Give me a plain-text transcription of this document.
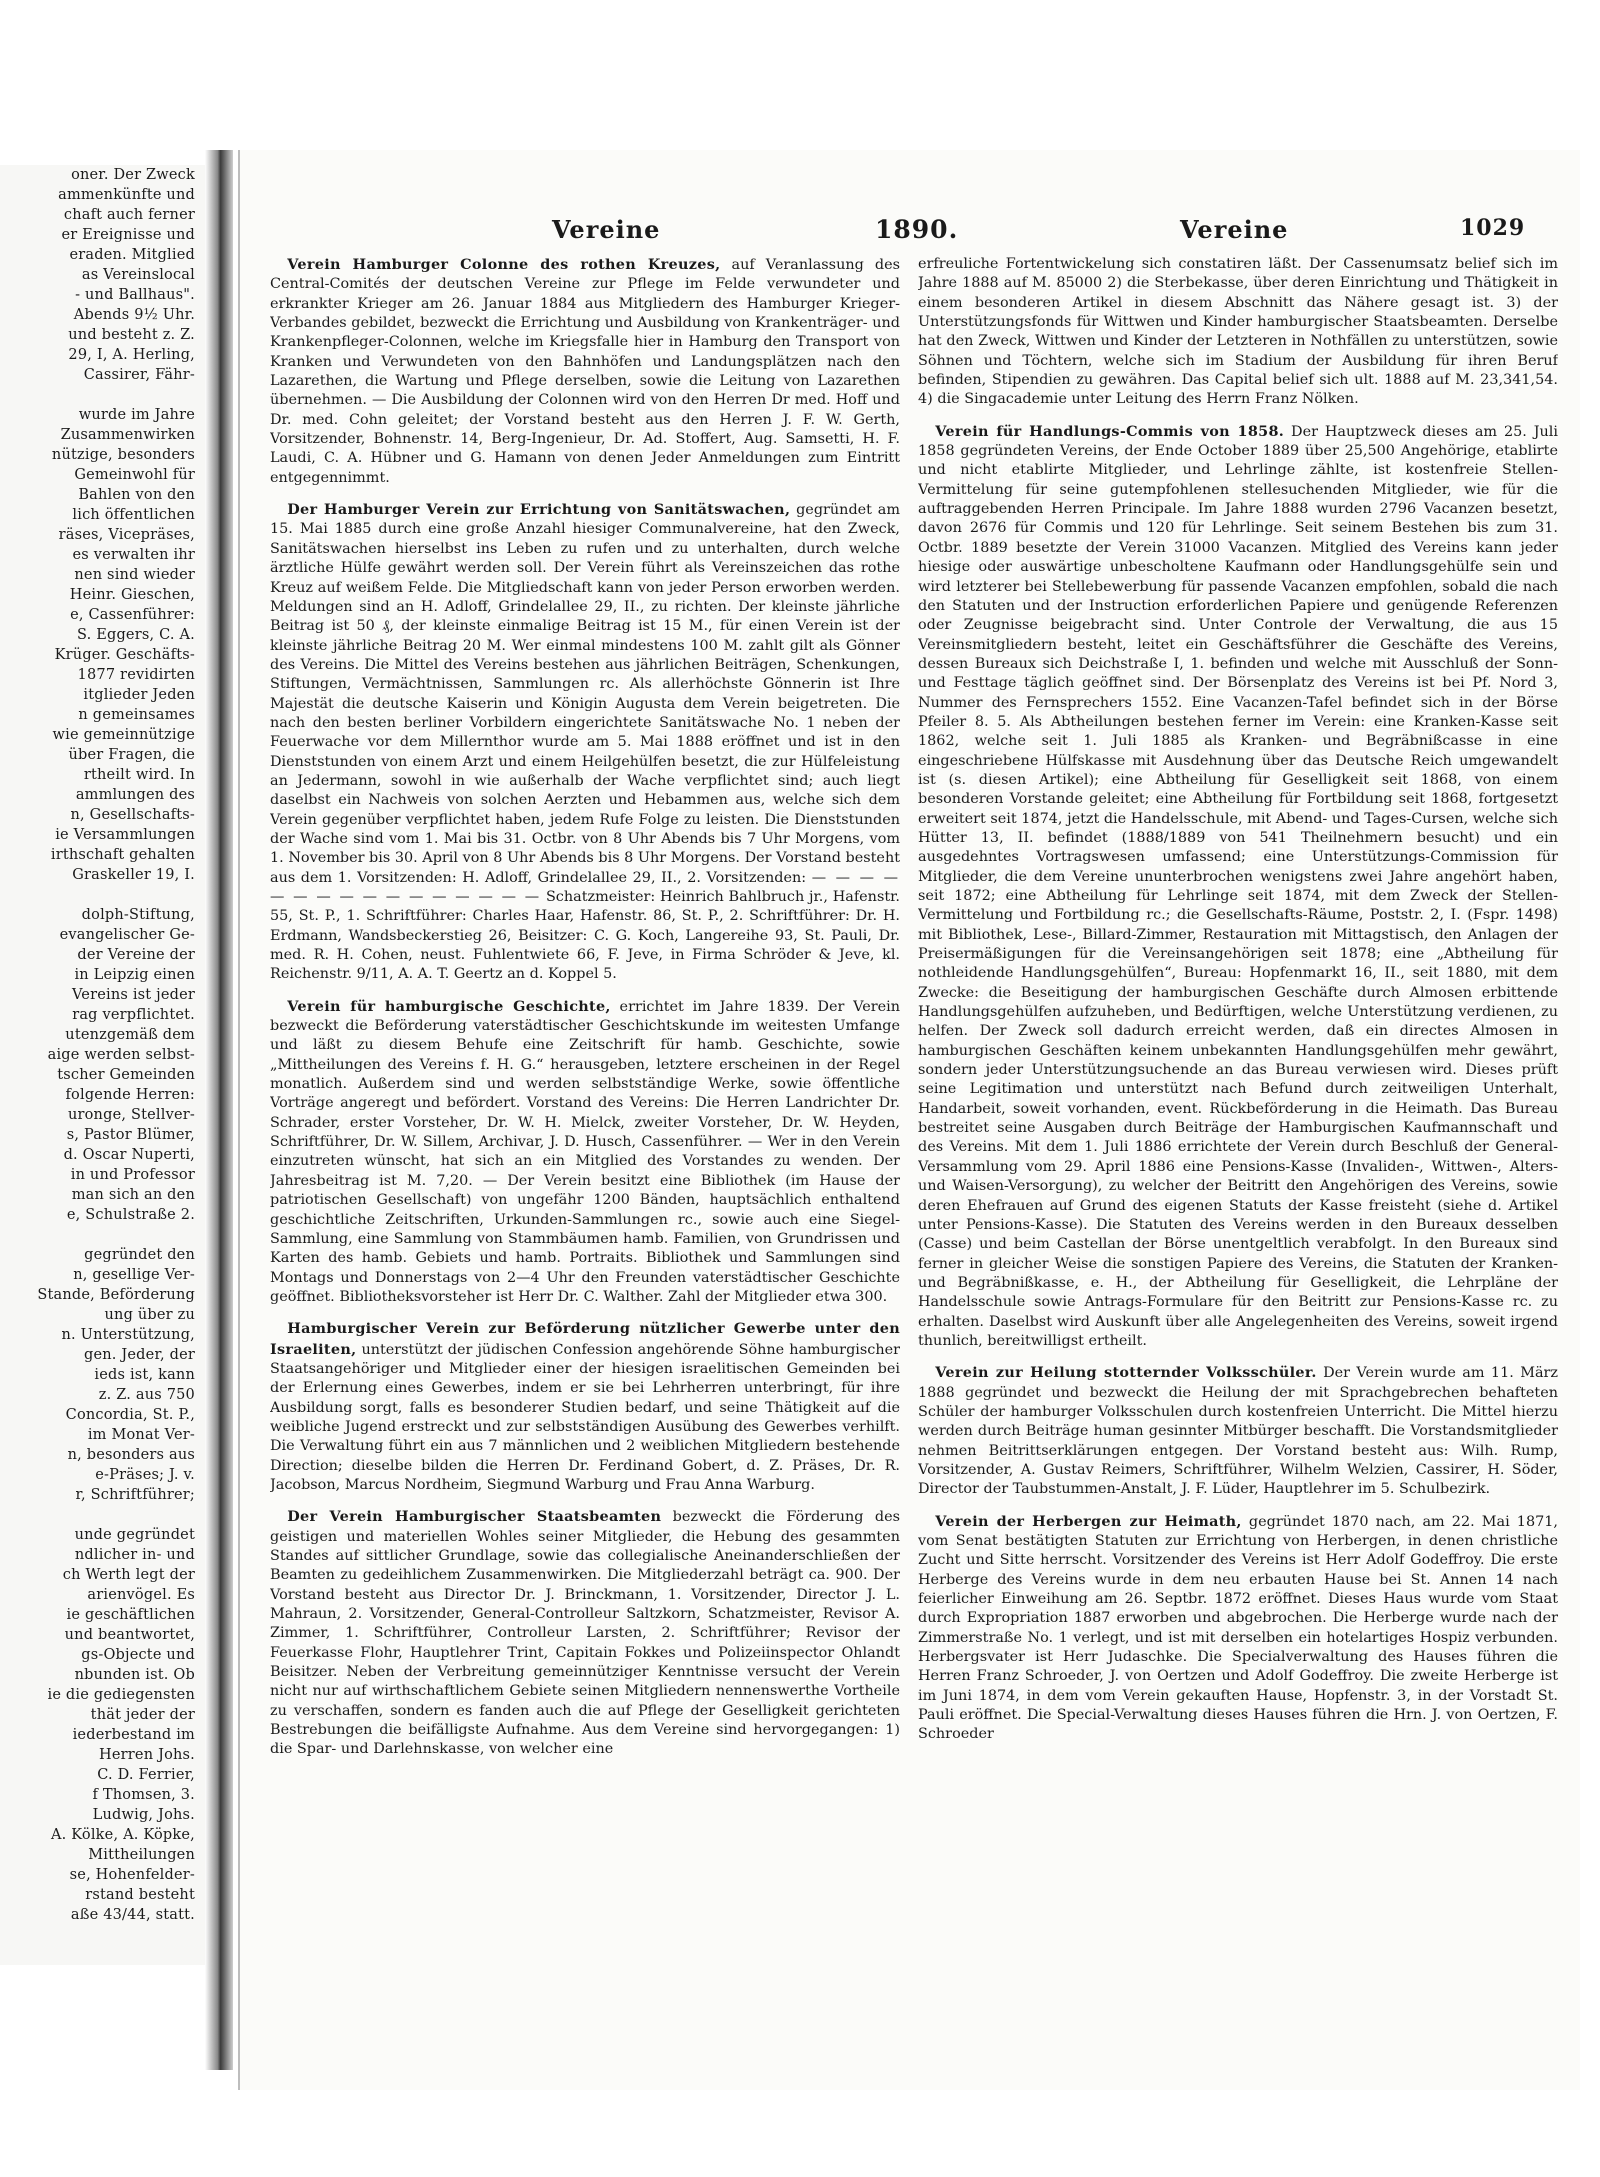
oner. Der Zweck
ammenkünfte und
chaft auch ferner
er Ereignisse und
eraden. Mitglied
as Vereinslocal
- und Ballhaus".
Abends 9½ Uhr.
und besteht z. Z.
29, I, A. Herling,
Cassirer, Fähr-

wurde im Jahre
Zusammenwirken
nützige, besonders
Gemeinwohl für
Bahlen von den
lich öffentlichen
räses, Vicepräses,
es verwalten ihr
nen sind wieder
Heinr. Gieschen,
e, Cassenführer:
S. Eggers, C. A.
Krüger. Geschäfts-
1877 revidirten
itglieder Jeden
n gemeinsames
wie gemeinnützige
über Fragen, die
rtheilt wird. In
ammlungen des
n, Gesellschafts-
ie Versammlungen
irthschaft gehalten
Graskeller 19, I.

dolph-Stiftung,
evangelischer Ge-
der Vereine der
in Leipzig einen
Vereins ist jeder
rag verpflichtet.
utenzgemäß dem
aige werden selbst-
tscher Gemeinden
folgende Herren:
uronge, Stellver-
s, Pastor Blümer,
d. Oscar Nuperti,
in und Professor
man sich an den
e, Schulstraße 2.

gegründet den
n, gesellige Ver-
Stande, Beförderung
ung über zu
n. Unterstützung,
gen. Jeder, der
ieds ist, kann
z. Z. aus 750
Concordia, St. P.,
im Monat Ver-
n, besonders aus
e-Präses; J. v.
r, Schriftführer;

unde gegründet
ndlicher in- und
ch Werth legt der
arienvögel. Es
ie geschäftlichen
und beantwortet,
gs-Objecte und
nbunden ist. Ob
ie die gediegensten
thät jeder der
iederbestand im
Herren Johs.
C. D. Ferrier,
f Thomsen, 3.
Ludwig, Johs.
A. Kölke, A. Köpke,
Mittheilungen
se, Hohenfelder-
rstand besteht
aße 43/44, statt.
Vereine	1890.	Vereine	1029

Verein Hamburger Colonne des rothen Kreuzes, auf Veranlassung des Central-Comités der deutschen Vereine zur Pflege im Felde verwundeter und erkrankter Krieger am 26. Januar 1884 aus Mitgliedern des Hamburger Krieger-Verbandes gebildet, bezweckt die Errichtung und Ausbildung von Krankenträger- und Krankenpfleger-Colonnen, welche im Kriegsfalle hier in Hamburg den Transport von Kranken und Verwundeten von den Bahnhöfen und Landungsplätzen nach den Lazarethen, die Wartung und Pflege derselben, sowie die Leitung von Lazarethen übernehmen. — Die Ausbildung der Colonnen wird von den Herren Dr med. Hoff und Dr. med. Cohn geleitet; der Vorstand besteht aus den Herren J. F. W. Gerth, Vorsitzender, Bohnenstr. 14, Berg-Ingenieur, Dr. Ad. Stoffert, Aug. Samsetti, H. F. Laudi, C. A. Hübner und G. Hamann von denen Jeder Anmeldungen zum Eintritt entgegennimmt.

Der Hamburger Verein zur Errichtung von Sanitätswachen, gegründet am 15. Mai 1885 durch eine große Anzahl hiesiger Communalvereine, hat den Zweck, Sanitätswachen hierselbst ins Leben zu rufen und zu unterhalten, durch welche ärztliche Hülfe gewährt werden soll. Der Verein führt als Vereinszeichen das rothe Kreuz auf weißem Felde. Die Mitgliedschaft kann von jeder Person erworben werden. Meldungen sind an H. Adloff, Grindelallee 29, II., zu richten. Der kleinste jährliche Beitrag ist 50 ₰, der kleinste einmalige Beitrag ist 15 M., für einen Verein ist der kleinste jährliche Beitrag 20 M. Wer einmal mindestens 100 M. zahlt gilt als Gönner des Vereins. Die Mittel des Vereins bestehen aus jährlichen Beiträgen, Schenkungen, Stiftungen, Vermächtnissen, Sammlungen rc. Als allerhöchste Gönnerin ist Ihre Majestät die deutsche Kaiserin und Königin Augusta dem Verein beigetreten. Die nach den besten berliner Vorbildern eingerichtete Sanitätswache No. 1 neben der Feuerwache vor dem Millernthor wurde am 5. Mai 1888 eröffnet und ist in den Dienststunden von einem Arzt und einem Heilgehülfen besetzt, die zur Hülfeleistung an Jedermann, sowohl in wie außerhalb der Wache verpflichtet sind; auch liegt daselbst ein Nachweis von solchen Aerzten und Hebammen aus, welche sich dem Verein gegenüber verpflichtet haben, jedem Rufe Folge zu leisten. Die Dienststunden der Wache sind vom 1. Mai bis 31. Octbr. von 8 Uhr Abends bis 7 Uhr Morgens, vom 1. November bis 30. April von 8 Uhr Abends bis 8 Uhr Morgens. Der Vorstand besteht aus dem 1. Vorsitzenden: H. Adloff, Grindelallee 29, II., 2. Vorsitzenden: — — — — — — — — — — — — — — — — Schatzmeister: Heinrich Bahlbruch jr., Hafenstr. 55, St. P., 1. Schriftführer: Charles Haar, Hafenstr. 86, St. P., 2. Schriftführer: Dr. H. Erdmann, Wandsbeckerstieg 26, Beisitzer: C. G. Koch, Langereihe 93, St. Pauli, Dr. med. R. H. Cohen, neust. Fuhlentwiete 66, F. Jeve, in Firma Schröder & Jeve, kl. Reichenstr. 9/11, A. A. T. Geertz an d. Koppel 5.

Verein für hamburgische Geschichte, errichtet im Jahre 1839. Der Verein bezweckt die Beförderung vaterstädtischer Geschichtskunde im weitesten Umfange und läßt zu diesem Behufe eine Zeitschrift für hamb. Geschichte, sowie „Mittheilungen des Vereins f. H. G.“ herausgeben, letztere erscheinen in der Regel monatlich. Außerdem sind und werden selbstständige Werke, sowie öffentliche Vorträge angeregt und befördert. Vorstand des Vereins: Die Herren Landrichter Dr. Schrader, erster Vorsteher, Dr. W. H. Mielck, zweiter Vorsteher, Dr. W. Heyden, Schriftführer, Dr. W. Sillem, Archivar, J. D. Husch, Cassenführer. — Wer in den Verein einzutreten wünscht, hat sich an ein Mitglied des Vorstandes zu wenden. Der Jahresbeitrag ist M. 7,20. — Der Verein besitzt eine Bibliothek (im Hause der patriotischen Gesellschaft) von ungefähr 1200 Bänden, hauptsächlich enthaltend geschichtliche Zeitschriften, Urkunden-Sammlungen rc., sowie auch eine Siegel-Sammlung, eine Sammlung von Stammbäumen hamb. Familien, von Grundrissen und Karten des hamb. Gebiets und hamb. Portraits. Bibliothek und Sammlungen sind Montags und Donnerstags von 2—4 Uhr den Freunden vaterstädtischer Geschichte geöffnet. Bibliotheksvorsteher ist Herr Dr. C. Walther. Zahl der Mitglieder etwa 300.

Hamburgischer Verein zur Beförderung nützlicher Gewerbe unter den Israeliten, unterstützt der jüdischen Confession angehörende Söhne hamburgischer Staatsangehöriger und Mitglieder einer der hiesigen israelitischen Gemeinden bei der Erlernung eines Gewerbes, indem er sie bei Lehrherren unterbringt, für ihre Ausbildung sorgt, falls es besonderer Studien bedarf, und seine Thätigkeit auf die weibliche Jugend erstreckt und zur selbstständigen Ausübung des Gewerbes verhilft. Die Verwaltung führt ein aus 7 männlichen und 2 weiblichen Mitgliedern bestehende Direction; dieselbe bilden die Herren Dr. Ferdinand Gobert, d. Z. Präses, Dr. R. Jacobson, Marcus Nordheim, Siegmund Warburg und Frau Anna Warburg.

Der Verein Hamburgischer Staatsbeamten bezweckt die Förderung des geistigen und materiellen Wohles seiner Mitglieder, die Hebung des gesammten Standes auf sittlicher Grundlage, sowie das collegialische Aneinanderschließen der Beamten zu gedeihlichem Zusammenwirken. Die Mitgliederzahl beträgt ca. 900. Der Vorstand besteht aus Director Dr. J. Brinckmann, 1. Vorsitzender, Director J. L. Mahraun, 2. Vorsitzender, General-Controlleur Saltzkorn, Schatzmeister, Revisor A. Zimmer, 1. Schriftführer, Controlleur Larsten, 2. Schriftführer; Revisor der Feuerkasse Flohr, Hauptlehrer Trint, Capitain Fokkes und Polizeiinspector Ohlandt Beisitzer. Neben der Verbreitung gemeinnütziger Kenntnisse versucht der Verein nicht nur auf wirthschaftlichem Gebiete seinen Mitgliedern nennenswerthe Vortheile zu verschaffen, sondern es fanden auch die auf Pflege der Geselligkeit gerichteten Bestrebungen die beifälligste Aufnahme. Aus dem Vereine sind hervorgegangen: 1) die Spar- und Darlehnskasse, von welcher eine

erfreuliche Fortentwickelung sich constatiren läßt. Der Cassenumsatz belief sich im Jahre 1888 auf M. 85000 2) die Sterbekasse, über deren Einrichtung und Thätigkeit in einem besonderen Artikel in diesem Abschnitt das Nähere gesagt ist. 3) der Unterstützungsfonds für Wittwen und Kinder hamburgischer Staatsbeamten. Derselbe hat den Zweck, Wittwen und Kinder der Letzteren in Nothfällen zu unterstützen, sowie Söhnen und Töchtern, welche sich im Stadium der Ausbildung für ihren Beruf befinden, Stipendien zu gewähren. Das Capital belief sich ult. 1888 auf M. 23,341,54. 4) die Singacademie unter Leitung des Herrn Franz Nölken.

Verein für Handlungs-Commis von 1858. Der Hauptzweck dieses am 25. Juli 1858 gegründeten Vereins, der Ende October 1889 über 25,500 Angehörige, etablirte und nicht etablirte Mitglieder, und Lehrlinge zählte, ist kostenfreie Stellen-Vermittelung für seine gutempfohlenen stellesuchenden Mitglieder, wie für die auftraggebenden Herren Principale. Im Jahre 1888 wurden 2796 Vacanzen besetzt, davon 2676 für Commis und 120 für Lehrlinge. Seit seinem Bestehen bis zum 31. Octbr. 1889 besetzte der Verein 31000 Vacanzen. Mitglied des Vereins kann jeder hiesige oder auswärtige unbescholtene Kaufmann oder Handlungsgehülfe sein und wird letzterer bei Stellebewerbung für passende Vacanzen empfohlen, sobald die nach den Statuten und der Instruction erforderlichen Papiere und genügende Referenzen oder Zeugnisse beigebracht sind. Unter Controle der Verwaltung, die aus 15 Vereinsmitgliedern besteht, leitet ein Geschäftsführer die Geschäfte des Vereins, dessen Bureaux sich Deichstraße I, 1. befinden und welche mit Ausschluß der Sonn- und Festtage täglich geöffnet sind. Der Börsenplatz des Vereins ist bei Pf. Nord 3, Nummer des Fernsprechers 1552. Eine Vacanzen-Tafel befindet sich in der Börse Pfeiler 8. 5. Als Abtheilungen bestehen ferner im Verein: eine Kranken-Kasse seit 1862, welche seit 1. Juli 1885 als Kranken- und Begräbnißcasse in eine eingeschriebene Hülfskasse mit Ausdehnung über das Deutsche Reich umgewandelt ist (s. diesen Artikel); eine Abtheilung für Geselligkeit seit 1868, von einem besonderen Vorstande geleitet; eine Abtheilung für Fortbildung seit 1868, fortgesetzt erweitert seit 1874, jetzt die Handelsschule, mit Abend- und Tages-Cursen, welche sich Hütter 13, II. befindet (1888/1889 von 541 Theilnehmern besucht) und ein ausgedehntes Vortragswesen umfassend; eine Unterstützungs-Commission für Mitglieder, die dem Vereine ununterbrochen wenigstens zwei Jahre angehört haben, seit 1872; eine Abtheilung für Lehrlinge seit 1874, mit dem Zweck der Stellen-Vermittelung und Fortbildung rc.; die Gesellschafts-Räume, Poststr. 2, I. (Fspr. 1498) mit Bibliothek, Lese-, Billard-Zimmer, Restauration mit Mittagstisch, den Anlagen der Preisermäßigungen für die Vereinsangehörigen seit 1878; eine „Abtheilung für nothleidende Handlungsgehülfen“, Bureau: Hopfenmarkt 16, II., seit 1880, mit dem Zwecke: die Beseitigung der hamburgischen Geschäfte durch Almosen erbittende Handlungsgehülfen aufzuheben, und Bedürftigen, welche Unterstützung verdienen, zu helfen. Der Zweck soll dadurch erreicht werden, daß ein directes Almosen in hamburgischen Geschäften keinem unbekannten Handlungsgehülfen mehr gewährt, sondern jeder Unterstützungsuchende an das Bureau verwiesen wird. Dieses prüft seine Legitimation und unterstützt nach Befund durch zeitweiligen Unterhalt, Handarbeit, soweit vorhanden, event. Rückbeförderung in die Heimath. Das Bureau bestreitet seine Ausgaben durch Beiträge der Hamburgischen Kaufmannschaft und des Vereins. Mit dem 1. Juli 1886 errichtete der Verein durch Beschluß der General-Versammlung vom 29. April 1886 eine Pensions-Kasse (Invaliden-, Wittwen-, Alters- und Waisen-Versorgung), zu welcher der Beitritt den Angehörigen des Vereins, sowie deren Ehefrauen auf Grund des eigenen Statuts der Kasse freisteht (siehe d. Artikel unter Pensions-Kasse). Die Statuten des Vereins werden in den Bureaux desselben (Casse) und beim Castellan der Börse unentgeltlich verabfolgt. In den Bureaux sind ferner in gleicher Weise die sonstigen Papiere des Vereins, die Statuten der Kranken- und Begräbnißkasse, e. H., der Abtheilung für Geselligkeit, die Lehrpläne der Handelsschule sowie Antrags-Formulare für den Beitritt zur Pensions-Kasse rc. zu erhalten. Daselbst wird Auskunft über alle Angelegenheiten des Vereins, soweit irgend thunlich, bereitwilligst ertheilt.

Verein zur Heilung stotternder Volksschüler. Der Verein wurde am 11. März 1888 gegründet und bezweckt die Heilung der mit Sprachgebrechen behafteten Schüler der hamburger Volksschulen durch kostenfreien Unterricht. Die Mittel hierzu werden durch Beiträge human gesinnter Mitbürger beschafft. Die Vorstandsmitglieder nehmen Beitrittserklärungen entgegen. Der Vorstand besteht aus: Wilh. Rump, Vorsitzender, A. Gustav Reimers, Schriftführer, Wilhelm Welzien, Cassirer, H. Söder, Director der Taubstummen-Anstalt, J. F. Lüder, Hauptlehrer im 5. Schulbezirk.

Verein der Herbergen zur Heimath, gegründet 1870 nach, am 22. Mai 1871, vom Senat bestätigten Statuten zur Errichtung von Herbergen, in denen christliche Zucht und Sitte herrscht. Vorsitzender des Vereins ist Herr Adolf Godeffroy. Die erste Herberge des Vereins wurde in dem neu erbauten Hause bei St. Annen 14 nach feierlicher Einweihung am 26. Septbr. 1872 eröffnet. Dieses Haus wurde vom Staat durch Expropriation 1887 erworben und abgebrochen. Die Herberge wurde nach der Zimmerstraße No. 1 verlegt, und ist mit derselben ein hotelartiges Hospiz verbunden. Herbergsvater ist Herr Judaschke. Die Specialverwaltung des Hauses führen die Herren Franz Schroeder, J. von Oertzen und Adolf Godeffroy. Die zweite Herberge ist im Juni 1874, in dem vom Verein gekauften Hause, Hopfenstr. 3, in der Vorstadt St. Pauli eröffnet. Die Special-Verwaltung dieses Hauses führen die Hrn. J. von Oertzen, F. Schroeder
